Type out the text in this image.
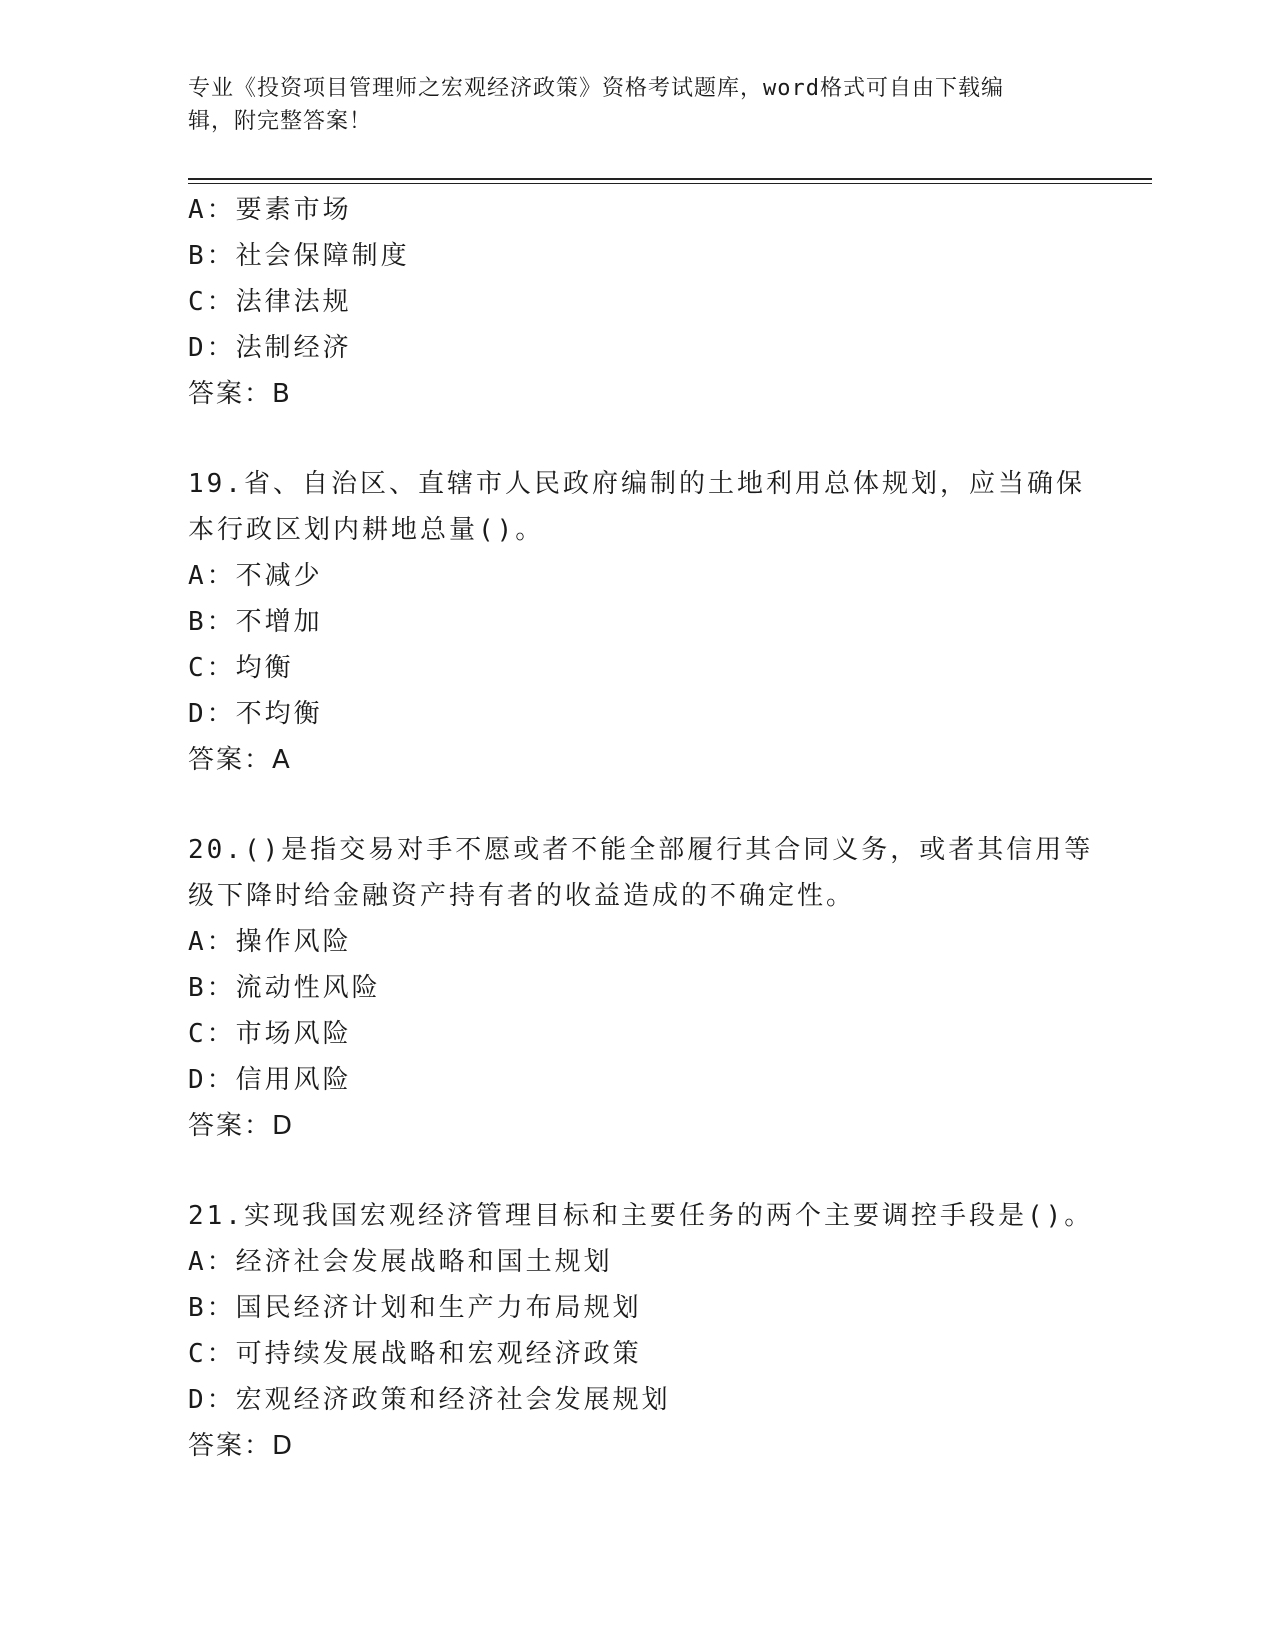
专业《投资项目管理师之宏观经济政策》资格考试题库，word格式可自由下载编
辑，附完整答案！
A：要素市场
B：社会保障制度
C：法律法规
D：法制经济
答案：B
19.省、自治区、直辖市人民政府编制的土地利用总体规划，应当确保
本行政区划内耕地总量()。
A：不减少
B：不增加
C：均衡
D：不均衡
答案：A
20.()是指交易对手不愿或者不能全部履行其合同义务，或者其信用等
级下降时给金融资产持有者的收益造成的不确定性。
A：操作风险
B：流动性风险
C：市场风险
D：信用风险
答案：D
21.实现我国宏观经济管理目标和主要任务的两个主要调控手段是()。
A：经济社会发展战略和国土规划
B：国民经济计划和生产力布局规划
C：可持续发展战略和宏观经济政策
D：宏观经济政策和经济社会发展规划
答案：D
